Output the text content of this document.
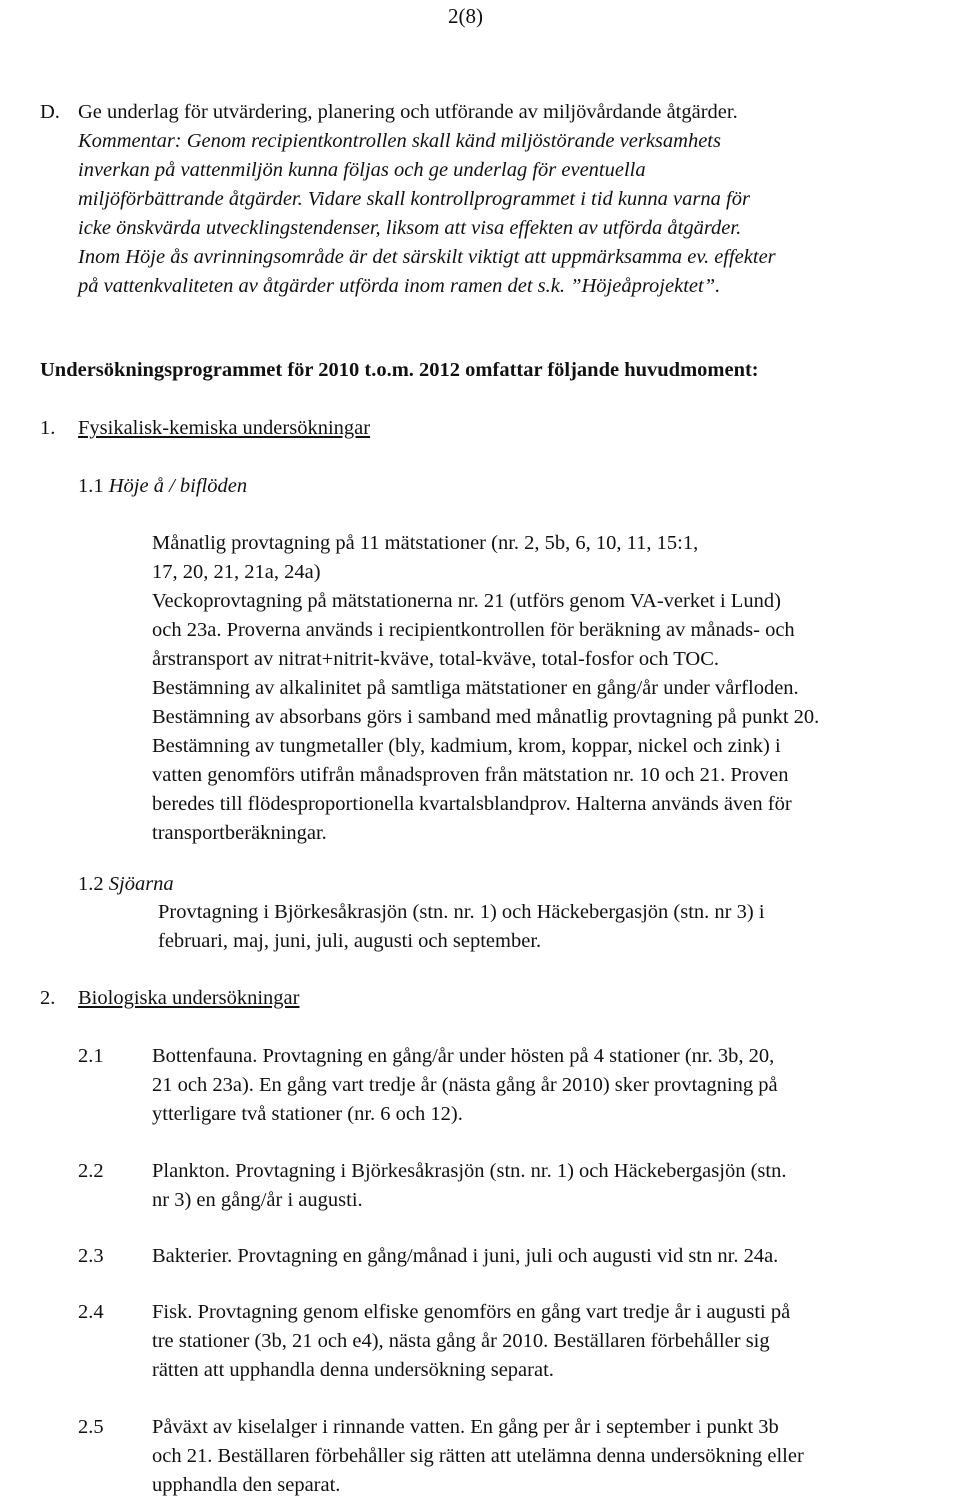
2(8)
D. Ge underlag för utvärdering, planering och utförande av miljövårdande åtgärder.
Kommentar: Genom recipientkontrollen skall känd miljöstörande verksamhets
inverkan på vattenmiljön kunna följas och ge underlag för eventuella
miljöförbättrande åtgärder. Vidare skall kontrollprogrammet i tid kunna varna för
icke önskvärda utvecklingstendenser, liksom att visa effekten av utförda åtgärder.
Inom Höje ås avrinningsområde är det särskilt viktigt att uppmärksamma ev. effekter
på vattenkvaliteten av åtgärder utförda inom ramen det s.k. ”Höjeåprojektet”.
Undersökningsprogrammet för 2010 t.o.m. 2012 omfattar följande huvudmoment:
1. Fysikalisk-kemiska undersökningar
1.1 Höje å / biflöden
Månatlig provtagning på 11 mätstationer (nr. 2, 5b, 6, 10, 11, 15:1,
17, 20, 21, 21a, 24a)
Veckoprovtagning på mätstationerna nr. 21 (utförs genom VA-verket i Lund)
och 23a. Proverna används i recipientkontrollen för beräkning av månads- och
årstransport av nitrat+nitrit-kväve, total-kväve, total-fosfor och TOC.
Bestämning av alkalinitet på samtliga mätstationer en gång/år under vårfloden.
Bestämning av absorbans görs i samband med månatlig provtagning på punkt 20.
Bestämning av tungmetaller (bly, kadmium, krom, koppar, nickel och zink) i
vatten genomförs utifrån månadsproven från mätstation nr. 10 och 21. Proven
beredes till flödesproportionella kvartalsblandprov. Halterna används även för
transportberäkningar.
1.2 Sjöarna
Provtagning i Björkesåkrasjön (stn. nr. 1) och Häckebergasjön (stn. nr 3) i
februari, maj, juni, juli, augusti och september.
2. Biologiska undersökningar
2.1 Bottenfauna. Provtagning en gång/år under hösten på 4 stationer (nr. 3b, 20,
21 och 23a). En gång vart tredje år (nästa gång år 2010) sker provtagning på
ytterligare två stationer (nr. 6 och 12).
2.2 Plankton. Provtagning i Björkesåkrasjön (stn. nr. 1) och Häckebergasjön (stn.
nr 3) en gång/år i augusti.
2.3 Bakterier. Provtagning en gång/månad i juni, juli och augusti vid stn nr. 24a.
2.4 Fisk. Provtagning genom elfiske genomförs en gång vart tredje år i augusti på
tre stationer (3b, 21 och e4), nästa gång år 2010. Beställaren förbehåller sig
rätten att upphandla denna undersökning separat.
2.5 Påväxt av kiselalger i rinnande vatten. En gång per år i september i punkt 3b
och 21. Beställaren förbehåller sig rätten att utelämna denna undersökning eller
upphandla den separat.
